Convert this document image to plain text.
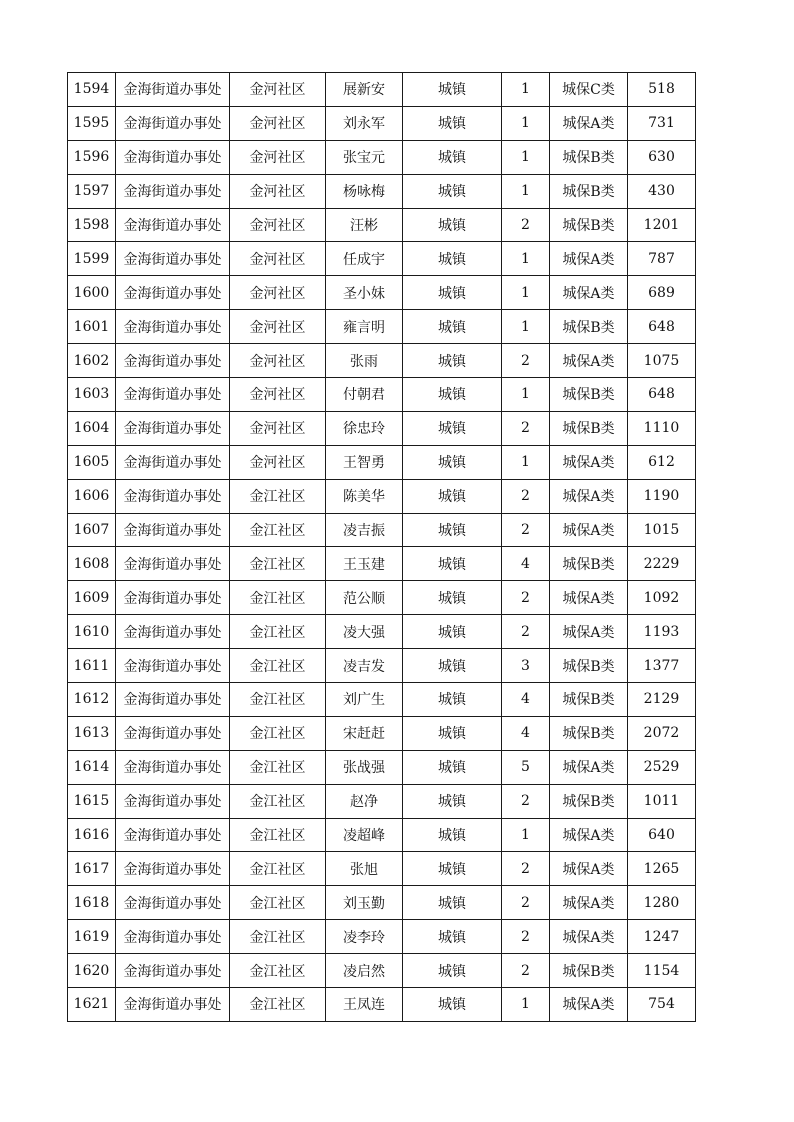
1594	金海街道办事处	金河社区	展新安	城镇	1	城保C类	518
1595	金海街道办事处	金河社区	刘永军	城镇	1	城保A类	731
1596	金海街道办事处	金河社区	张宝元	城镇	1	城保B类	630
1597	金海街道办事处	金河社区	杨咏梅	城镇	1	城保B类	430
1598	金海街道办事处	金河社区	汪彬	城镇	2	城保B类	1201
1599	金海街道办事处	金河社区	任成宇	城镇	1	城保A类	787
1600	金海街道办事处	金河社区	圣小妹	城镇	1	城保A类	689
1601	金海街道办事处	金河社区	雍言明	城镇	1	城保B类	648
1602	金海街道办事处	金河社区	张雨	城镇	2	城保A类	1075
1603	金海街道办事处	金河社区	付朝君	城镇	1	城保B类	648
1604	金海街道办事处	金河社区	徐忠玲	城镇	2	城保B类	1110
1605	金海街道办事处	金河社区	王智勇	城镇	1	城保A类	612
1606	金海街道办事处	金江社区	陈美华	城镇	2	城保A类	1190
1607	金海街道办事处	金江社区	凌吉振	城镇	2	城保A类	1015
1608	金海街道办事处	金江社区	王玉建	城镇	4	城保B类	2229
1609	金海街道办事处	金江社区	范公顺	城镇	2	城保A类	1092
1610	金海街道办事处	金江社区	凌大强	城镇	2	城保A类	1193
1611	金海街道办事处	金江社区	凌吉发	城镇	3	城保B类	1377
1612	金海街道办事处	金江社区	刘广生	城镇	4	城保B类	2129
1613	金海街道办事处	金江社区	宋赶赶	城镇	4	城保B类	2072
1614	金海街道办事处	金江社区	张战强	城镇	5	城保A类	2529
1615	金海街道办事处	金江社区	赵净	城镇	2	城保B类	1011
1616	金海街道办事处	金江社区	凌超峰	城镇	1	城保A类	640
1617	金海街道办事处	金江社区	张旭	城镇	2	城保A类	1265
1618	金海街道办事处	金江社区	刘玉勤	城镇	2	城保A类	1280
1619	金海街道办事处	金江社区	凌李玲	城镇	2	城保A类	1247
1620	金海街道办事处	金江社区	凌启然	城镇	2	城保B类	1154
1621	金海街道办事处	金江社区	王凤连	城镇	1	城保A类	754
